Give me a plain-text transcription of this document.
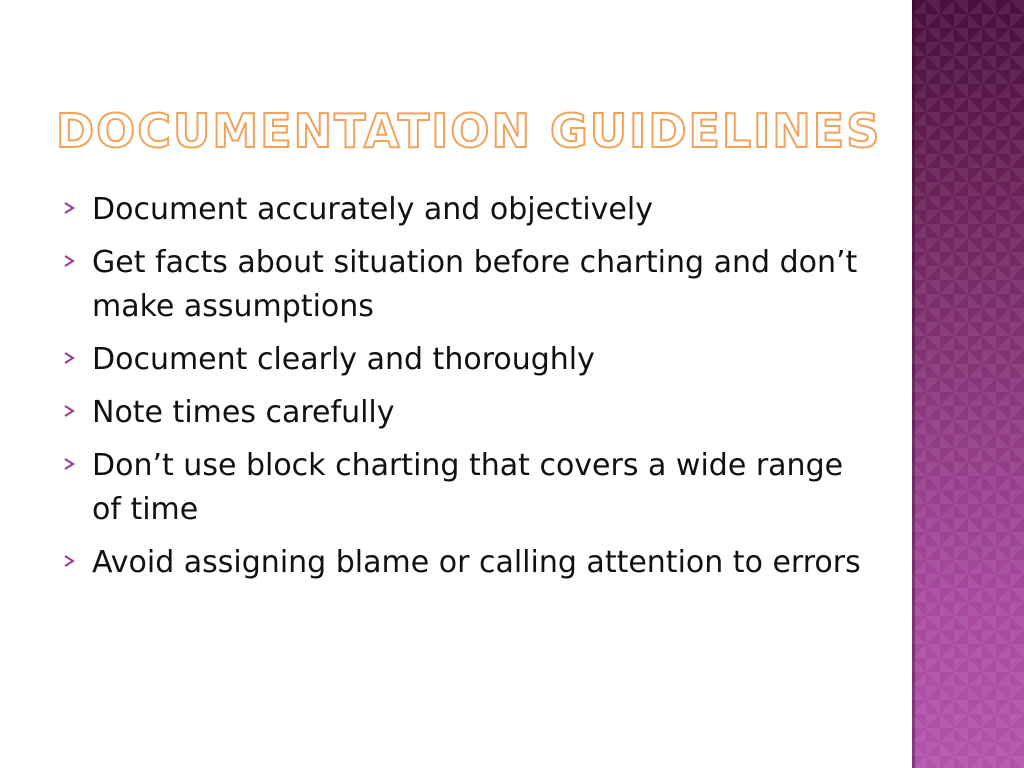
DOCUMENTATION GUIDELINES
Document accurately and objectively
Get facts about situation before charting and don’t make assumptions
Document clearly and thoroughly
Note times carefully
Don’t use block charting that covers a wide range of time
Avoid assigning blame or calling attention to errors
